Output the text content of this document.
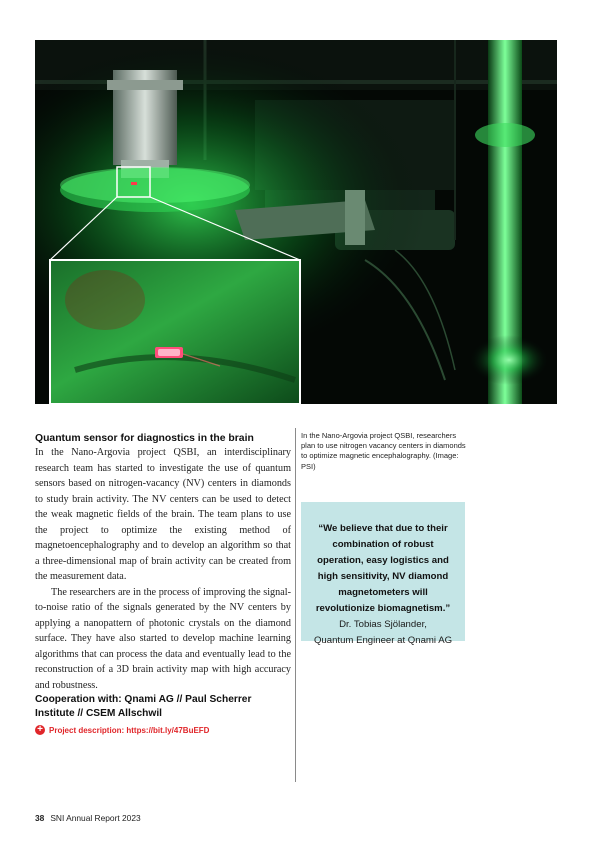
Quantum sensor for diagnostics in the brain

In the Nano-Argovia project QSBI, an interdisciplinary research team has started to investigate the use of quantum sensors based on nitrogen-vacancy (NV) centers in diamonds to study brain activity. The NV centers can be used to detect the weak magnetic fields of the brain. The team plans to use the project to optimize the existing method of magnetoencephalography and to develop an algorithm so that a three-dimensional map of brain activity can be created from the measurement data.

The researchers are in the process of improving the signal-to-noise ratio of the signals generated by the NV centers by applying a nanopattern of photonic crystals on the diamond surface. They have also started to develop machine learning algorithms that can process the data and eventually lead to the reconstruction of a 3D brain activity map with high accuracy and robustness.

Cooperation with: Qnami AG // Paul Scherrer Institute // CSEM Allschwil
+ Project description: https://bit.ly/47BuEFD
In the Nano-Argovia project QSBI, researchers plan to use nitrogen vacancy centers in diamonds to optimize magnetic encephalography. (Image: PSI)
“We believe that due to their combination of robust operation, easy logistics and high sensitivity, NV diamond magnetometers will revolutionize biomagnetism.”
Dr. Tobias Sjölander,
Quantum Engineer at Qnami AG
38 SNI Annual Report 2023
